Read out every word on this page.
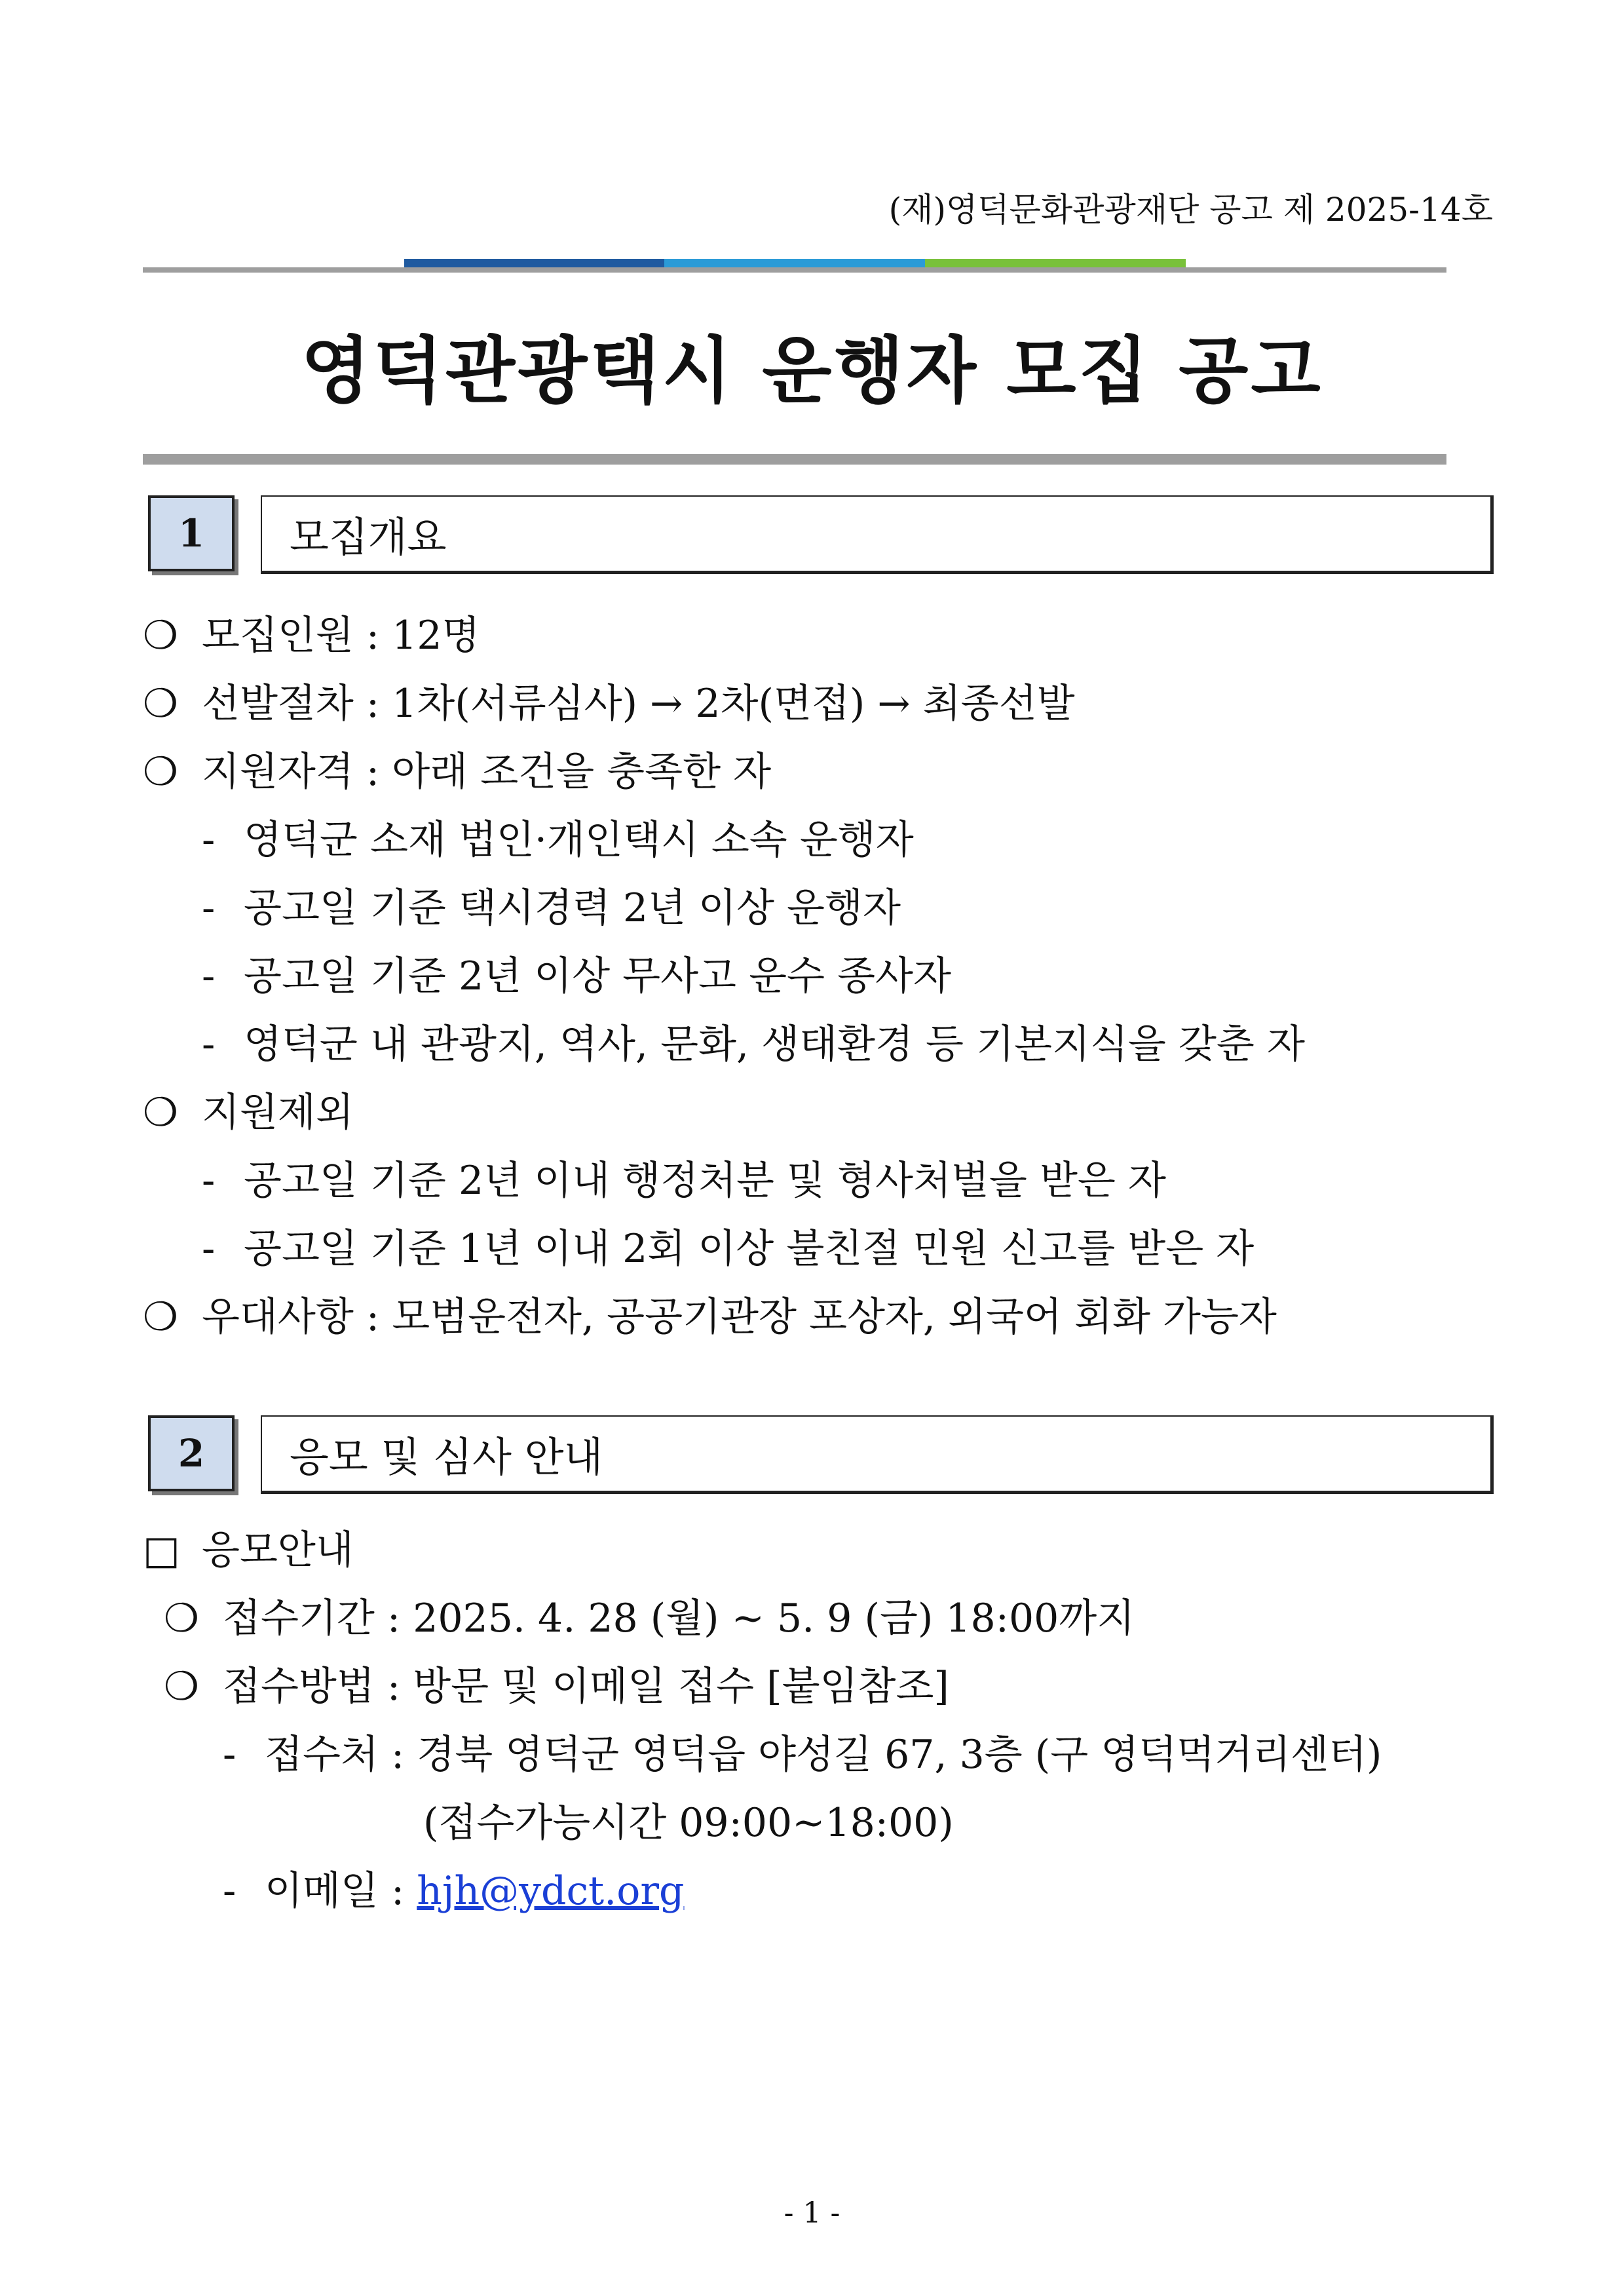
(재)영덕문화관광재단 공고 제 2025-14호
영덕관광택시 운행자 모집 공고
1	모집개요
❍ 모집인원 : 12명
❍ 선발절차 : 1차(서류심사) → 2차(면접) → 최종선발
❍ 지원자격 : 아래 조건을 충족한 자
- 영덕군 소재 법인·개인택시 소속 운행자
- 공고일 기준 택시경력 2년 이상 운행자
- 공고일 기준 2년 이상 무사고 운수 종사자
- 영덕군 내 관광지, 역사, 문화, 생태환경 등 기본지식을 갖춘 자
❍ 지원제외
- 공고일 기준 2년 이내 행정처분 및 형사처벌을 받은 자
- 공고일 기준 1년 이내 2회 이상 불친절 민원 신고를 받은 자
❍ 우대사항 : 모범운전자, 공공기관장 포상자, 외국어 회화 가능자
2	응모 및 심사 안내
□ 응모안내
❍ 접수기간 : 2025. 4. 28 (월) ~ 5. 9 (금) 18:00까지
❍ 접수방법 : 방문 및 이메일 접수 [붙임참조]
- 접수처 : 경북 영덕군 영덕읍 야성길 67, 3층 (구 영덕먹거리센터)
(접수가능시간 09:00~18:00)
- 이메일 : hjh@ydct.org
- 1 -
